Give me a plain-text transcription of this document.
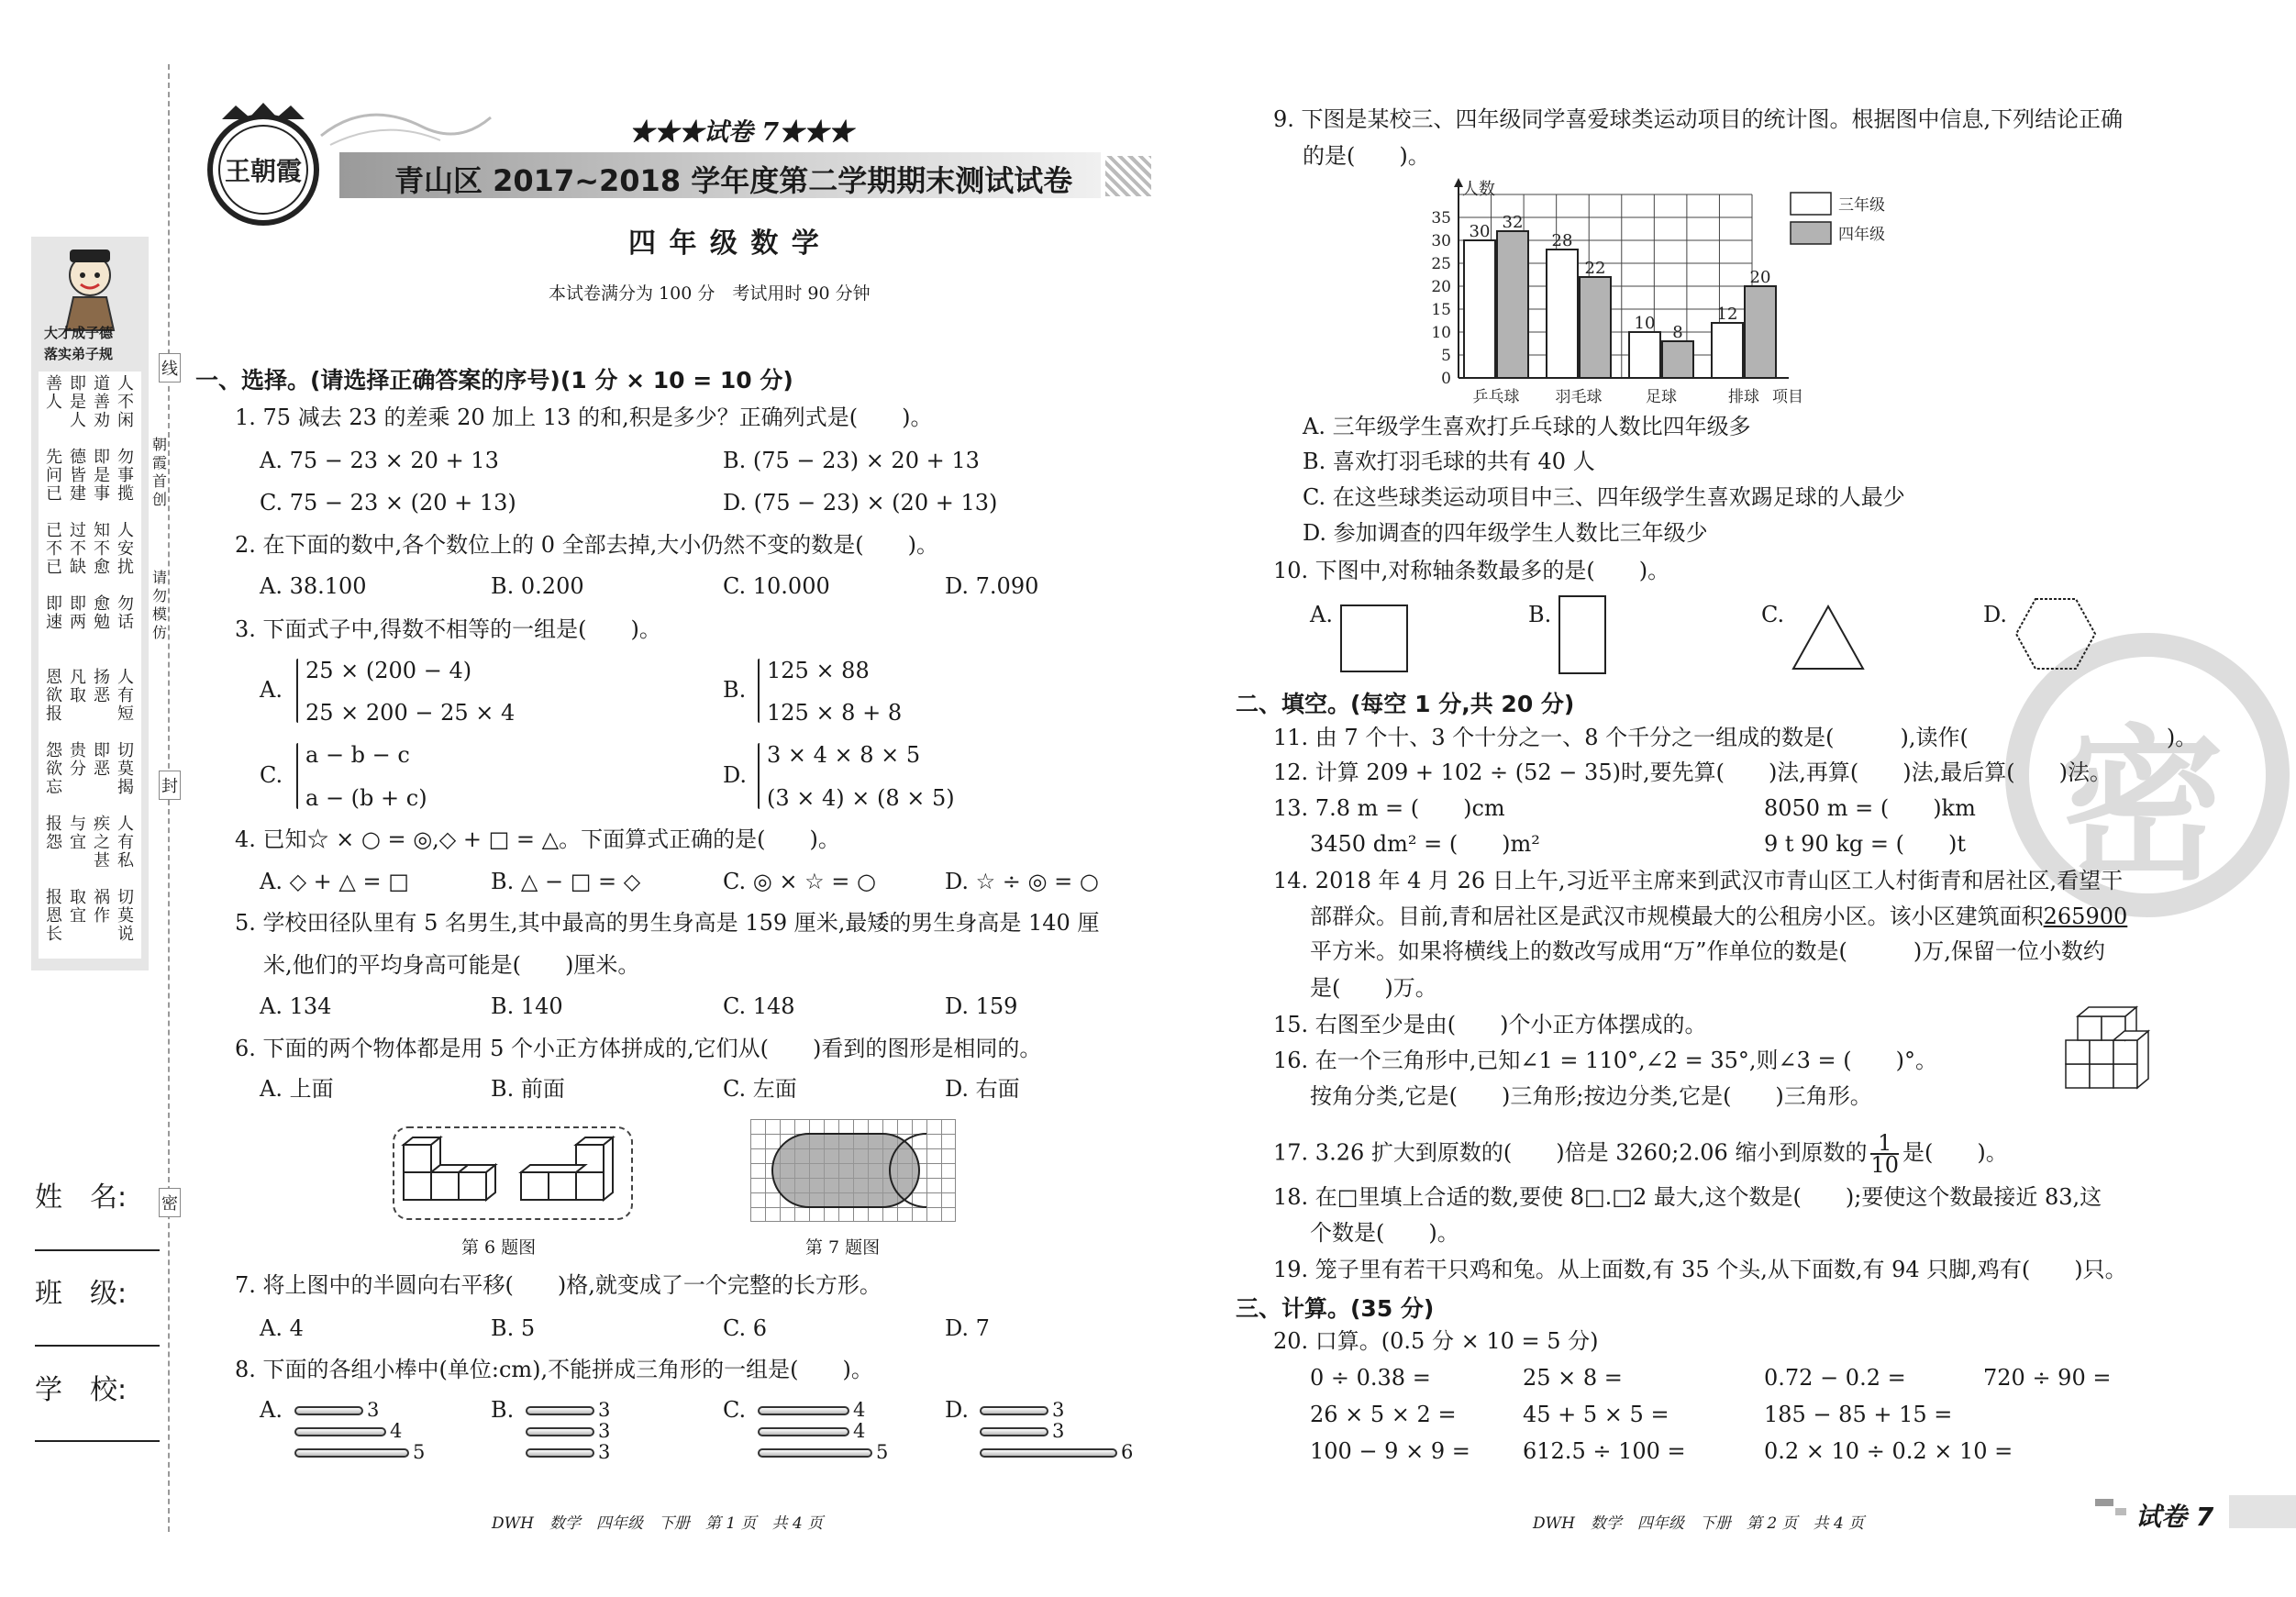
线
封
密
朝霞首创
请勿模仿
大才成子德
落实弟子规
善人
即是人
道善劝
人不闲
先问已
德皆建
即是事
勿事揽
已不已
过不缺
知不愈
人安扰
即速
即两
愈勉
勿话
恩欲报
凡取
扬恶
人有短
怨欲忘
贵分
即恶
切莫揭
报怨
与宜
疾之甚
人有私
报恩长
取宜
祸作
切莫说
姓　名:
班　级:
学　校:
王朝霞
★★★试卷 7★★★
青山区 2017~2018 学年度第二学期期末测试试卷
四 年 级 数 学
本试卷满分为 100 分　考试用时 90 分钟
一、选择。(请选择正确答案的序号)(1 分 × 10 = 10 分)
1. 75 减去 23 的差乘 20 加上 13 的和,积是多少？正确列式是(　　)。
A. 75 − 23 × 20 + 13	B. (75 − 23) × 20 + 13
C. 75 − 23 × (20 + 13)	D. (75 − 23) × (20 + 13)
2. 在下面的数中,各个数位上的 0 全部去掉,大小仍然不变的数是(　　)。
A. 38.100	B. 0.200	C. 10.000	D. 7.090
3. 下面式子中,得数不相等的一组是(　　)。
A.
25 × (200 − 4)
25 × 200 − 25 × 4
B.
125 × 88
125 × 8 + 8
C.
a − b − c
a − (b + c)
D.
3 × 4 × 8 × 5
(3 × 4) × (8 × 5)
4. 已知☆ × ○ = ◎,◇ + □ = △。下面算式正确的是(　　)。
A. ◇ + △ = □	B. △ − □ = ◇	C. ◎ × ☆ = ○	D. ☆ ÷ ◎ = ○
5. 学校田径队里有 5 名男生,其中最高的男生身高是 159 厘米,最矮的男生身高是 140 厘
米,他们的平均身高可能是(　　)厘米。
A. 134	B. 140	C. 148	D. 159
6. 下面的两个物体都是用 5 个小正方体拼成的,它们从(　　)看到的图形是相同的。
A. 上面	B. 前面	C. 左面	D. 右面
第 6 题图	第 7 题图
7. 将上图中的半圆向右平移(　　)格,就变成了一个完整的长方形。
A. 4	B. 5	C. 6	D. 7
8. 下面的各组小棒中(单位:cm),不能拼成三角形的一组是(　　)。
A.	3
4
5
B.	3
3
3
C.	4
4
5
D.	3
3
6
密
9. 下图是某校三、四年级同学喜爱球类运动项目的统计图。根据图中信息,下列结论正确
的是(　　)。
0
5
10
15
20
25
30
35
人数
项目
30 32
乒乓球
28
22
羽毛球
10 8
足球
12
20
排球
三年级
四年级
A. 三年级学生喜欢打乒乓球的人数比四年级多
B. 喜欢打羽毛球的共有 40 人
C. 在这些球类运动项目中三、四年级学生喜欢踢足球的人最少
D. 参加调查的四年级学生人数比三年级少
10. 下图中,对称轴条数最多的是(　　)。
A.	B.	C.	D.
二、填空。(每空 1 分,共 20 分)
11. 由 7 个十、3 个十分之一、8 个千分之一组成的数是(　　　),读作(　　　　　　　　　)。
12. 计算 209 + 102 ÷ (52 − 35)时,要先算(　　)法,再算(　　)法,最后算(　　)法。
13. 7.8 m = (　　)cm	8050 m = (　　)km
3450 dm² = (　　)m²	9 t 90 kg = (　　)t
14. 2018 年 4 月 26 日上午,习近平主席来到武汉市青山区工人村街青和居社区,看望干
部群众。目前,青和居社区是武汉市规模最大的公租房小区。该小区建筑面积265900
平方米。如果将横线上的数改写成用“万”作单位的数是(　　　)万,保留一位小数约
是(　　)万。
15. 右图至少是由(　　)个小正方体摆成的。
16. 在一个三角形中,已知∠1 = 110°,∠2 = 35°,则∠3 = (　　)°。
按角分类,它是(　　)三角形;按边分类,它是(　　)三角形。
17. 3.26 扩大到原数的(　　)倍是 3260;2.06 缩小到原数的 $\frac{1}{10}$ 是(　　)。
18. 在□里填上合适的数,要使 8□.□2 最大,这个数是(　　);要使这个数最接近 83,这
个数是(　　)。
19. 笼子里有若干只鸡和兔。从上面数,有 35 个头,从下面数,有 94 只脚,鸡有(　　)只。
三、计算。(35 分)
20. 口算。(0.5 分 × 10 = 5 分)
0 ÷ 0.38 =	25 × 8 =	0.72 − 0.2 =	720 ÷ 90 =
26 × 5 × 2 =	45 + 5 × 5 =	185 − 85 + 15 =
100 − 9 × 9 = 612.5 ÷ 100 =	0.2 × 10 ÷ 0.2 × 10 =
DWH　数学　四年级　下册　第 1 页　共 4 页	DWH　数学　四年级　下册　第 2 页　共 4 页	试卷 7
